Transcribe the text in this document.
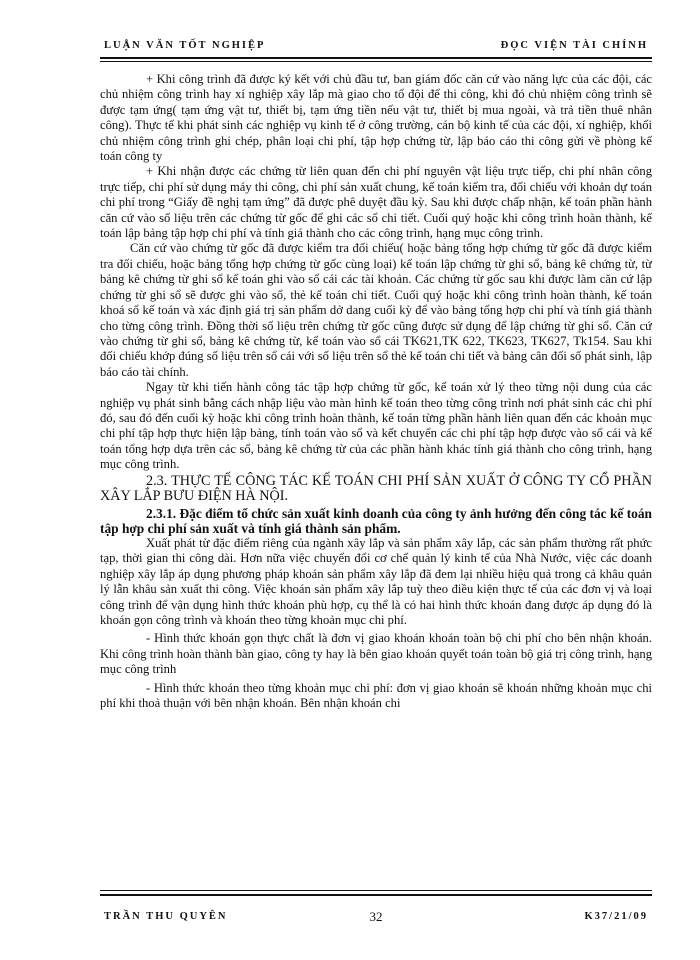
LUẬN VĂN TỐT NGHIỆP	ĐỌC VIỆN TÀI CHÍNH

+ Khi công trình đã được ký kết với chủ đầu tư, ban giám đốc căn cứ vào năng lực của các đội, các chủ nhiệm công trình hay xí nghiệp xây lắp mà giao cho tổ đội để thi công, khi đó chủ nhiệm công trình sẽ được tạm ứng( tạm ứng vật tư, thiết bị, tạm ứng tiền nếu vật tư, thiết bị mua ngoài, và trả tiền thuê nhân công). Thực tế khi phát sinh các nghiệp vụ kinh tế ở công trường, cán bộ kinh tế của các đội, xí nghiệp, khối chủ nhiệm công trình ghi chép, phân loại chi phí, tập hợp chứng từ, lập báo cáo thi công gửi về phòng kế toán công ty

+ Khi nhận được các chứng từ liên quan đến chi phí nguyên vật liệu trực tiếp, chi phí nhân công trực tiếp, chi phí sử dụng máy thi công, chi phí sản xuất chung, kế toán kiểm tra, đối chiếu với khoản dự toán chi phí trong “Giấy đề nghị tạm ứng” đã được phê duyệt đầu kỳ. Sau khi được chấp nhận, kế toán phần hành căn cứ vào số liệu trên các chứng từ gốc để ghi các sổ chi tiết. Cuối quý hoặc khi công trình hoàn thành, kế toán lập bảng tập hợp chi phí và tính giá thành cho các công trình, hạng mục công trình.

Căn cứ vào chứng từ gốc đã được kiểm tra đối chiếu( hoặc bảng tổng hợp chứng từ gốc đã được kiểm tra đối chiếu, hoặc bảng tổng hợp chứng từ gốc cùng loại) kế toán lập chứng từ ghi sổ, bảng kê chứng từ, từ bảng kê chứng từ ghi sổ kế toán ghi vào sổ cái các tài khoản. Các chứng từ gốc sau khi được làm căn cứ lập chứng từ ghi sổ sẽ được ghi vào sổ, thẻ kế toán chi tiết. Cuối quý hoặc khi công trình hoàn thành, kế toán khoá sổ kế toán và xác định giá trị sản phẩm dở dang cuối kỳ để vào bảng tổng hợp chi phí và tính giá thành cho từng công trình. Đồng thời số liệu trên chứng từ gốc cũng được sử dụng để lập chứng từ ghi sổ. Căn cứ vào chứng từ ghi sổ, bảng kê chứng từ, kế toán vào sổ cái TK621,TK 622, TK623, TK627, Tk154. Sau khi đối chiếu khớp đúng số liệu trên sổ cái với số liệu trên sổ thẻ kế toán chi tiết và bảng cân đối số phát sinh, lập báo cáo tài chính.

Ngay từ khi tiến hành công tác tập hợp chứng từ gốc, kế toán xử lý theo từng nội dung của các nghiệp vụ phát sinh bằng cách nhập liệu vào màn hình kế toán theo từng công trình nơi phát sinh các chi phí đó, sau đó đến cuối kỳ hoặc khi công trình hoàn thành, kế toán từng phần hành liên quan đến các khoản mục chi phí tập hợp thực hiện lập bảng, tính toán vào sổ và kết chuyển các chi phí tập hợp được vào sổ cái và kế toán tổng hợp dựa trên các sổ, bảng kê chứng từ của các phần hành khác tính giá thành cho công trình, hạng mục công trình.

2.3. THỰC TẾ CÔNG TÁC KẾ TOÁN CHI PHÍ SẢN XUẤT Ở CÔNG TY CỔ PHẦN XÂY LẮP BƯU ĐIỆN HÀ NỘI.

2.3.1. Đặc điểm tổ chức sản xuất kinh doanh của công ty ảnh hưởng đến công tác kế toán tập hợp chi phí sản xuất và tính giá thành sản phẩm.

Xuất phát từ đặc điểm riêng của ngành xây lắp và sản phẩm xây lắp, các sản phẩm thường rất phức tạp, thời gian thi công dài. Hơn nữa việc chuyển đổi cơ chế quản lý kinh tế của Nhà Nước, việc các doanh nghiệp xây lắp áp dụng phương pháp khoán sản phẩm xây lắp đã đem lại nhiều hiệu quả trong cả khâu quản lý lẫn khâu sản xuất thi công. Việc khoán sản phẩm xây lắp tuỳ theo điều kiện thực tế của các đơn vị và loại công trình để vận dụng hình thức khoán phù hợp, cụ thể là có hai hình thức khoán đang được áp dụng đó là khoán gọn công trình và khoán theo từng khoản mục chi phí.

- Hình thức khoán gọn thực chất là đơn vị giao khoán khoán toàn bộ chi phí cho bên nhận khoán. Khi công trình hoàn thành bàn giao, công ty hay là bên giao khoán quyết toán toàn bộ giá trị công trình, hạng mục công trình

- Hình thức khoán theo từng khoản mục chi phí: đơn vị giao khoán sẽ khoán những khoản mục chi phí khi thoả thuận với bên nhận khoán. Bên nhận khoán chi

TRẦN THU QUYÊN	32	K37/21/09
